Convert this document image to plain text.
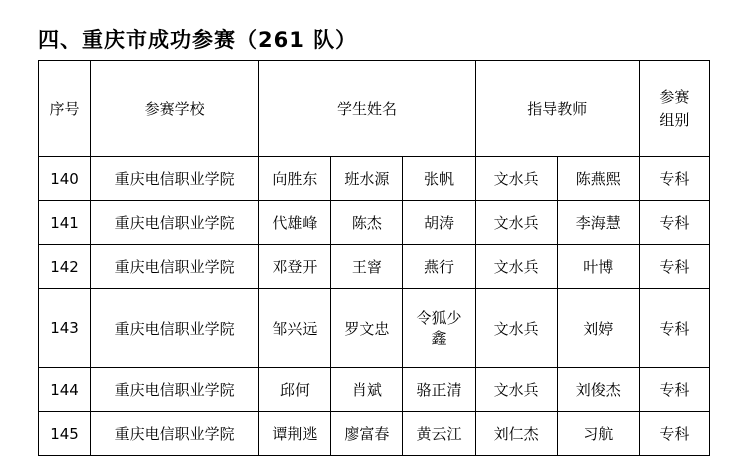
四、重庆市成功参赛（261 队）
序号	参赛学校	学生姓名			指导教师		参赛
组别

140	重庆电信职业学院	向胜东	班水源	张帆	文水兵	陈燕熙	专科
141	重庆电信职业学院	代雄峰	陈杰	胡涛	文水兵	李海慧	专科
142	重庆电信职业学院	邓登开	王窨	燕行	文水兵	叶博	专科
143	重庆电信职业学院	邹兴远	罗文忠	令狐少鑫	文水兵	刘婷	专科
144	重庆电信职业学院	邱何	肖斌	骆正清	文水兵	刘俊杰	专科
145	重庆电信职业学院	谭荆逃	廖富春	黄云江	刘仁杰	习航	专科
